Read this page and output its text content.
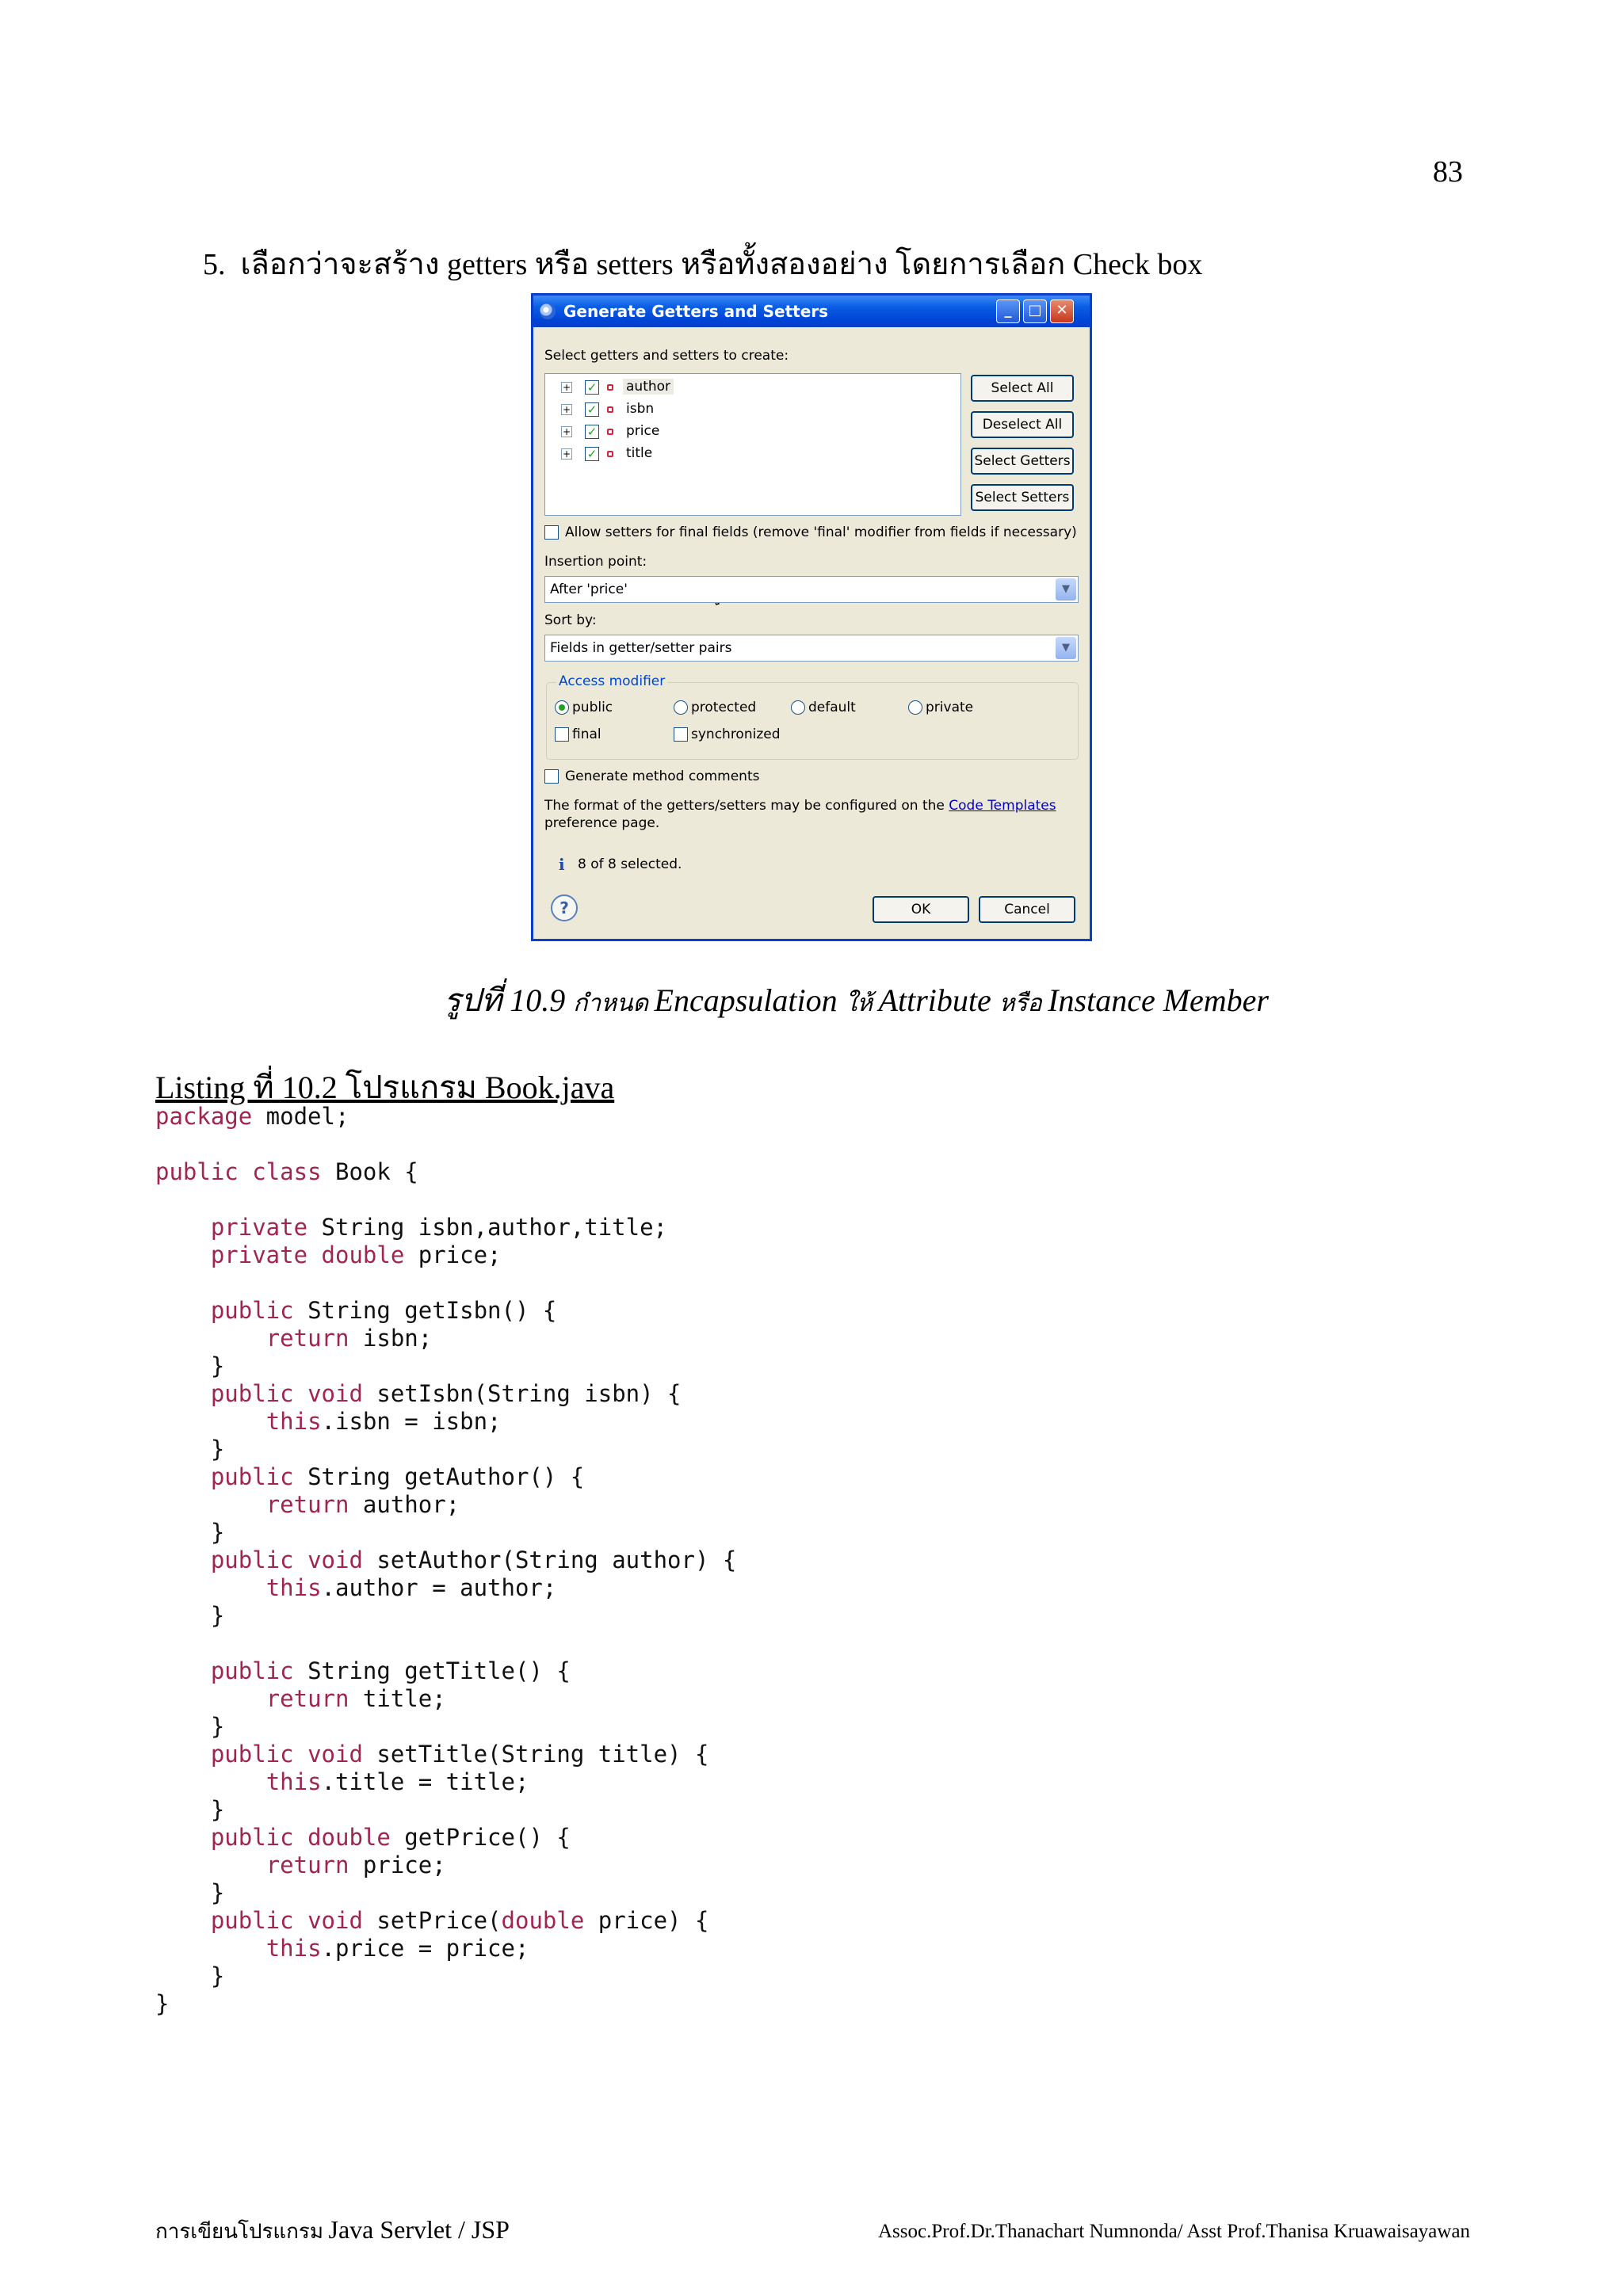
83
5. เลือกว่าจะสร้าง getters หรือ setters หรือทั้งสองอย่าง โดยการเลือก Check box
Generate Getters and Setters	_	□ ✕
Select getters and setters to create:
+ ✓ author
+ ✓ isbn
+ ✓ price
+ ✓ title
Select All
Deselect All
Select Getters
Select Setters
Allow setters for final fields (remove 'final' modifier from fields if necessary)
Insertion point:
After 'price'	▼
Sort by:
Fields in getter/setter pairs	▼
Access modifier
public	protected	default	private
final	synchronized
Generate method comments
The format of the getters/setters may be configured on the Code Templates
preference page.
i 8 of 8 selected.
?	OK	Cancel
รูปที่ 10.9 กำหนด Encapsulation ให้ Attribute หรือ Instance Member
Listing ที่ 10.2 โปรแกรม Book.java
package model;

public class Book {

private String isbn,author,title;
private double price;

public String getIsbn() {
return isbn;
}
public void setIsbn(String isbn) {
this.isbn = isbn;
}
public String getAuthor() {
return author;
}
public void setAuthor(String author) {
this.author = author;
}

public String getTitle() {
return title;
}
public void setTitle(String title) {
this.title = title;
}
public double getPrice() {
return price;
}
public void setPrice(double price) {
this.price = price;
}
}
การเขียนโปรแกรม Java Servlet / JSP	Assoc.Prof.Dr.Thanachart Numnonda/ Asst Prof.Thanisa Kruawaisayawan
